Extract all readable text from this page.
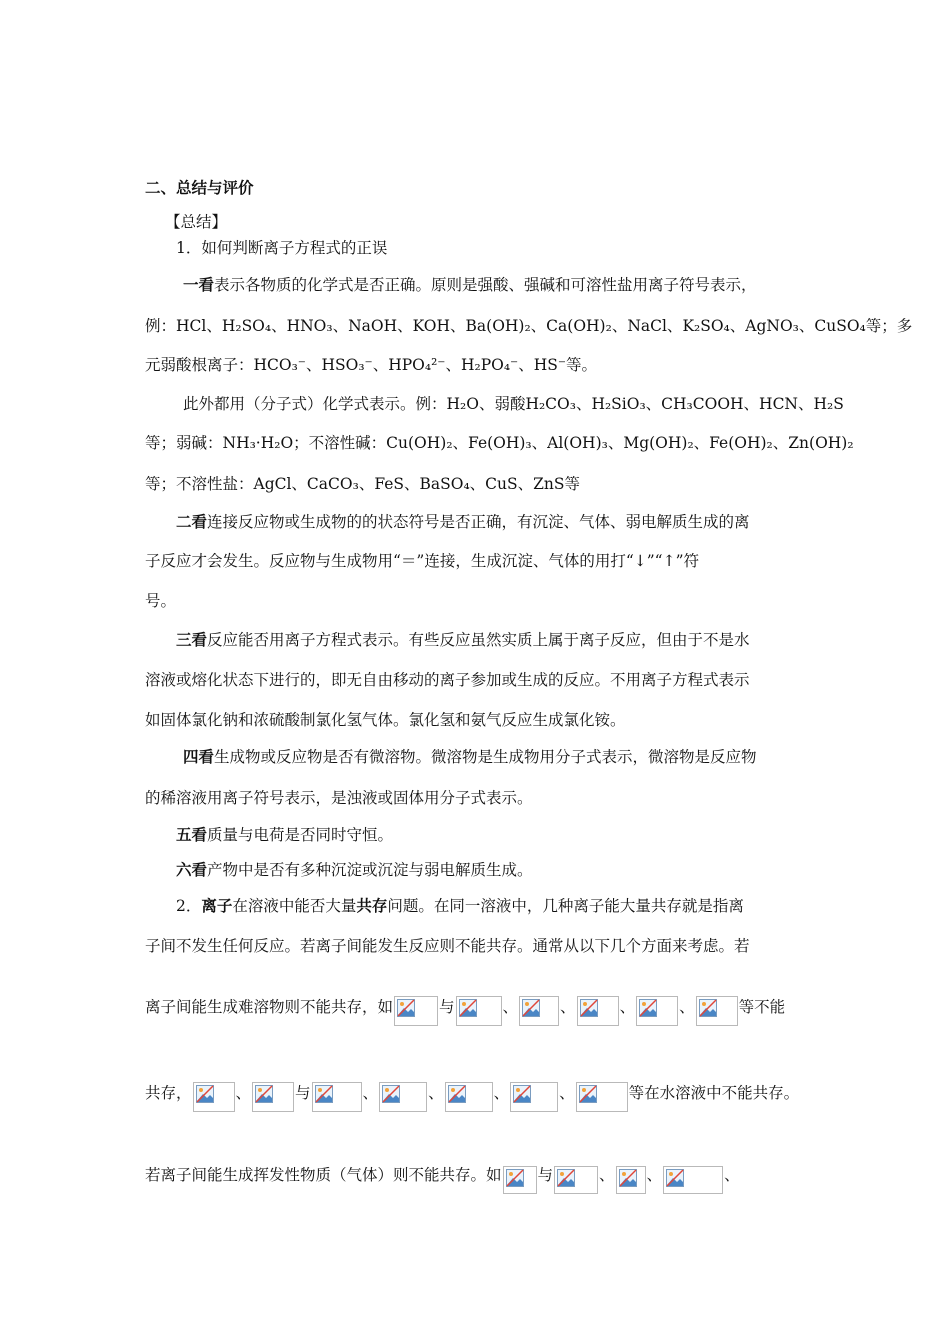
二、总结与评价
【总结】
1．如何判断离子方程式的正误
一看表示各物质的化学式是否正确。原则是强酸、强碱和可溶性盐用离子符号表示，
例：HCl、H₂SO₄、HNO₃、NaOH、KOH、Ba(OH)₂、Ca(OH)₂、NaCl、K₂SO₄、AgNO₃、CuSO₄等；多
元弱酸根离子：HCO₃⁻、HSO₃⁻、HPO₄²⁻、H₂PO₄⁻、HS⁻等。
此外都用（分子式）化学式表示。例：H₂O、弱酸H₂CO₃、H₂SiO₃、CH₃COOH、HCN、H₂S
等；弱碱：NH₃·H₂O；不溶性碱：Cu(OH)₂、Fe(OH)₃、Al(OH)₃、Mg(OH)₂、Fe(OH)₂、Zn(OH)₂
等；不溶性盐：AgCl、CaCO₃、FeS、BaSO₄、CuS、ZnS等
二看连接反应物或生成物的的状态符号是否正确，有沉淀、气体、弱电解质生成的离
子反应才会发生。反应物与生成物用“＝”连接，生成沉淀、气体的用打“↓”“↑”符
号。
三看反应能否用离子方程式表示。有些反应虽然实质上属于离子反应，但由于不是水
溶液或熔化状态下进行的，即无自由移动的离子参加或生成的反应。不用离子方程式表示
如固体氯化钠和浓硫酸制氯化氢气体。氯化氢和氨气反应生成氯化铵。
四看生成物或反应物是否有微溶物。微溶物是生成物用分子式表示，微溶物是反应物
的稀溶液用离子符号表示，是浊液或固体用分子式表示。
五看质量与电荷是否同时守恒。
六看产物中是否有多种沉淀或沉淀与弱电解质生成。
2．离子在溶液中能否大量共存问题。在同一溶液中，几种离子能大量共存就是指离
子间不发生任何反应。若离子间能发生反应则不能共存。通常从以下几个方面来考虑。若
离子间能生成难溶物则不能共存，如	与	、	、	、	、	等不能
共存，	、	与	、	、	、	、	等在水溶液中不能共存。
若离子间能生成挥发性物质（气体）则不能共存。如 与	、 、	、
